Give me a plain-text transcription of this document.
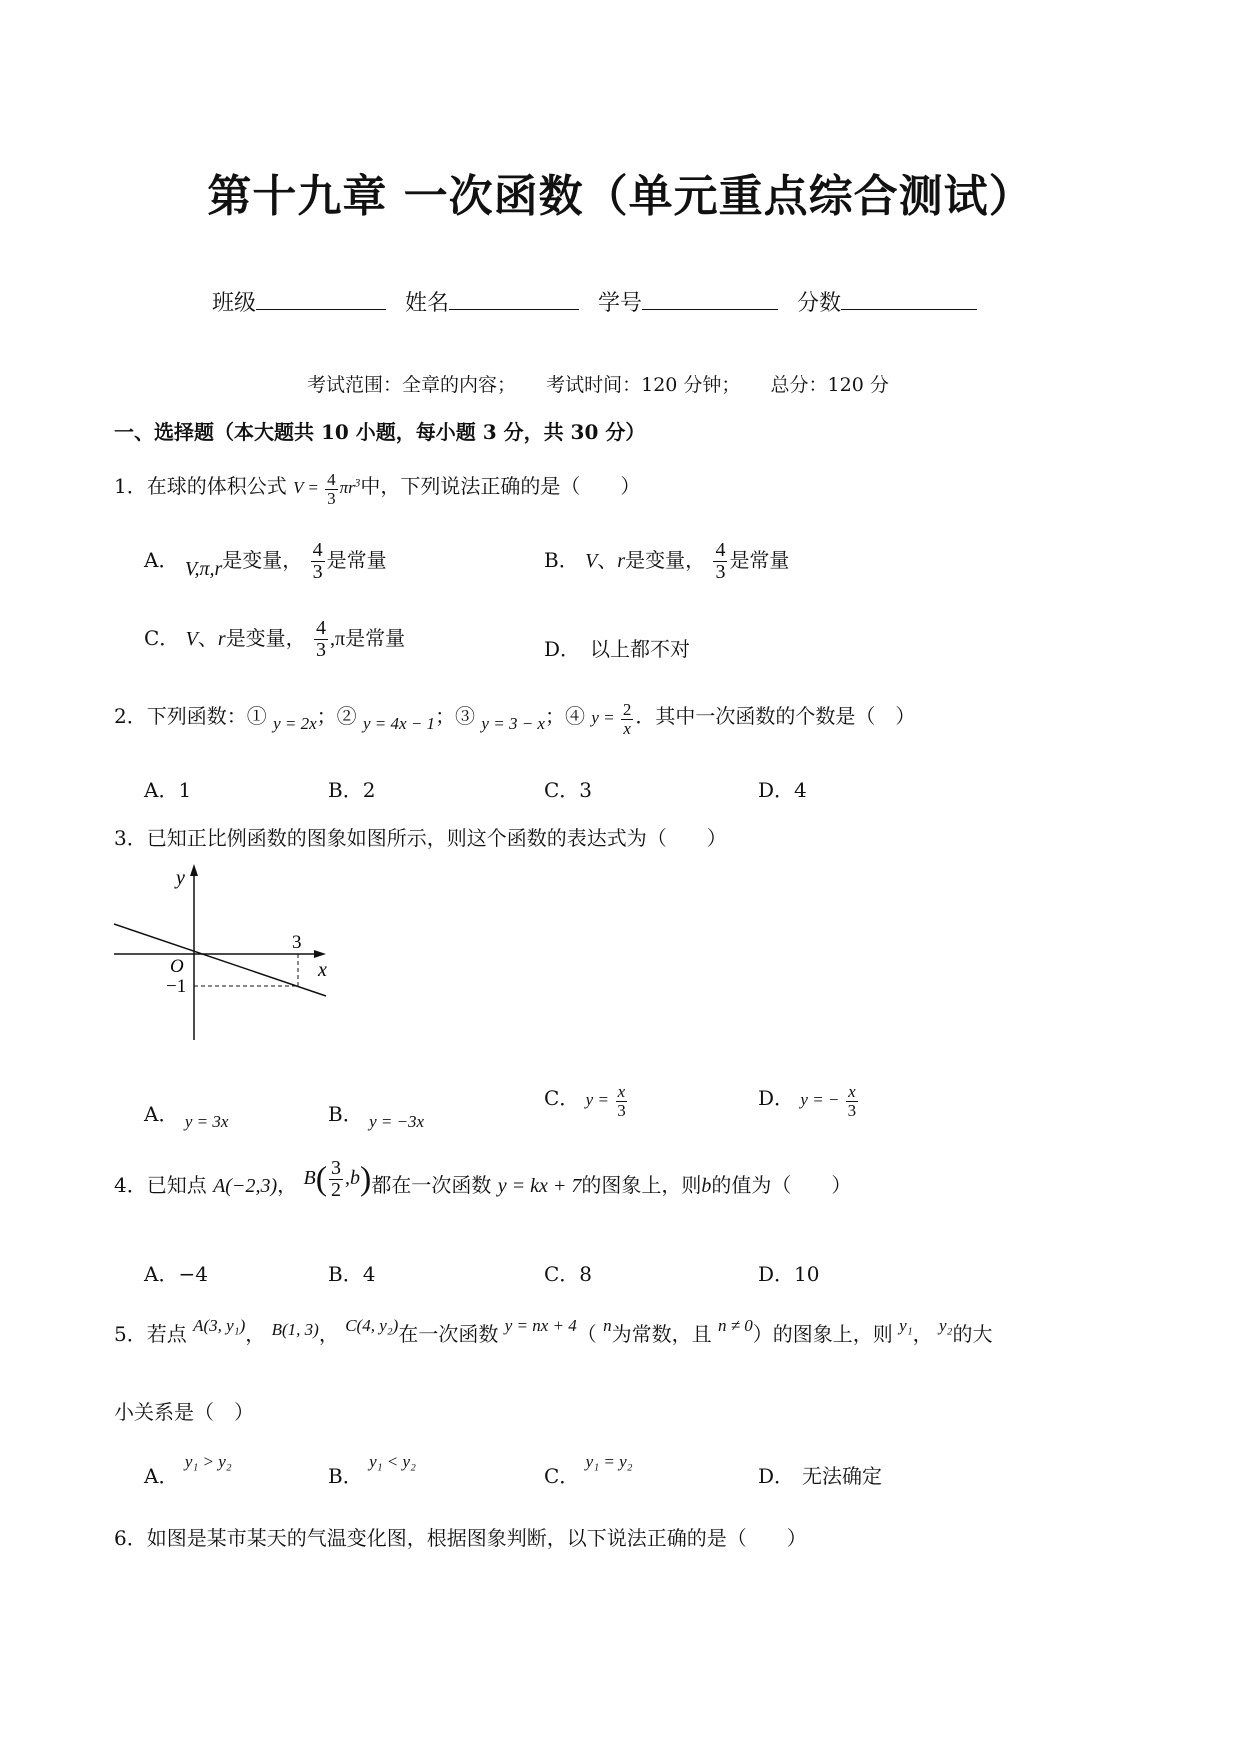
第十九章 一次函数（单元重点综合测试）
班级	姓名	学号	分数
考试范围：全章的内容； 考试时间：120 分钟； 总分：120 分
一、选择题（本大题共 10 小题，每小题 3 分，共 30 分）
1．在球的体积公式 $V = \frac{4}{3} \pi r^3$中，下列说法正确的是（　　）
A． V,π,r是变量， $\frac{4}{3}$ 是常量	B． V、r是变量， $\frac{4}{3}$ 是常量
C． V、r是变量， $\frac{4}{3} ,\pi$是常量	D． 以上都不对
2．下列函数：① $_{y = 2x}$；② $_{y = 4x - 1}$；③ $_{y = 3 - x}$；④ $y = \frac{2}{x}$ ．其中一次函数的个数是（　）
A．1	B．2	C．3	D．4
3．已知正比例函数的图象如图所示，则这个函数的表达式为（　　）
y
x
O
3
−1
A． $_{y = 3x}$	B． $_{y = -3x}$
C． $y = \frac{x}{3}$	D． y = − $\frac{x}{3}$
4．已知点 A(−2,3)， $B( \frac{3}{2} ,b)$都在一次函数 y = kx + 7的图象上，则b的值为（　　）
A．−4	B．4	C．8	D．10
5．若点 $^{A(3, y_1)}$， $^{B(1, 3)}$， $^{C(4, y_2)}$在一次函数 $^{y = nx + 4}$（ $^n$为常数，且 $^{n \ne 0}$）的图象上，则 $^{y_1}$， $^{y_2}$的大
小关系是（　）
A． $^{y_1 > y_2}$
B． $^{y_1 < y_2}$
C． $^{y_1 = y_2}$
D． 无法确定
6．如图是某市某天的气温变化图，根据图象判断，以下说法正确的是（　　）
